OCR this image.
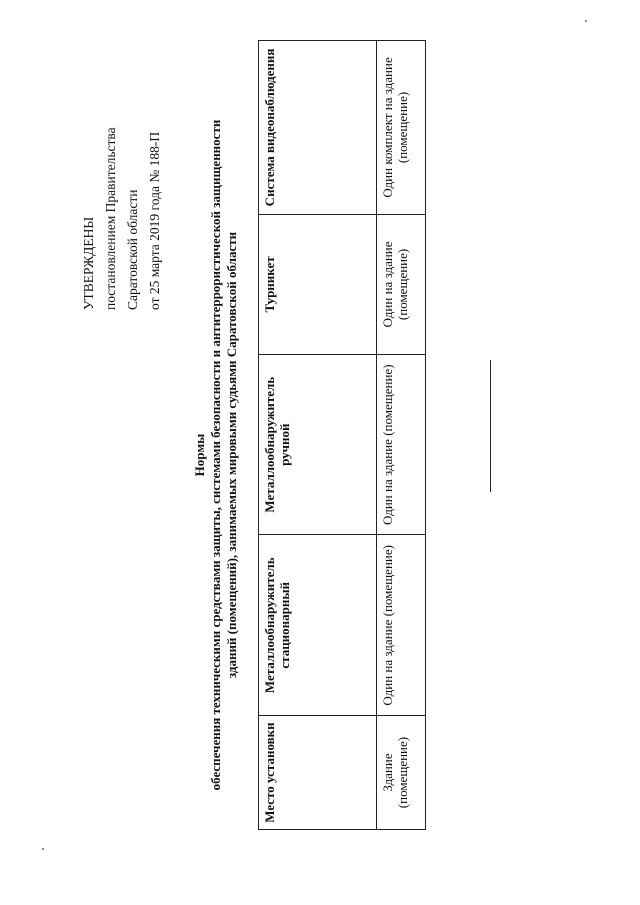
УТВЕРЖДЕНЫ постановлением Правительства Саратовской области от 25 марта 2019 года № 188-П
Нормы обеспечения техническими средствами защиты, системами безопасности и антитеррористической защищенности зданий (помещений), занимаемых мировыми судьями Саратовской области
Место установки	Металлообнаружитель стационарный	Металлообнаружитель ручной	Турникет	Система видеонаблюдения
Здание (помещение)	Один на здание (помещение)	Один на здание (помещение)	Один на здание (помещение)	Один комплект на здание (помещение)
